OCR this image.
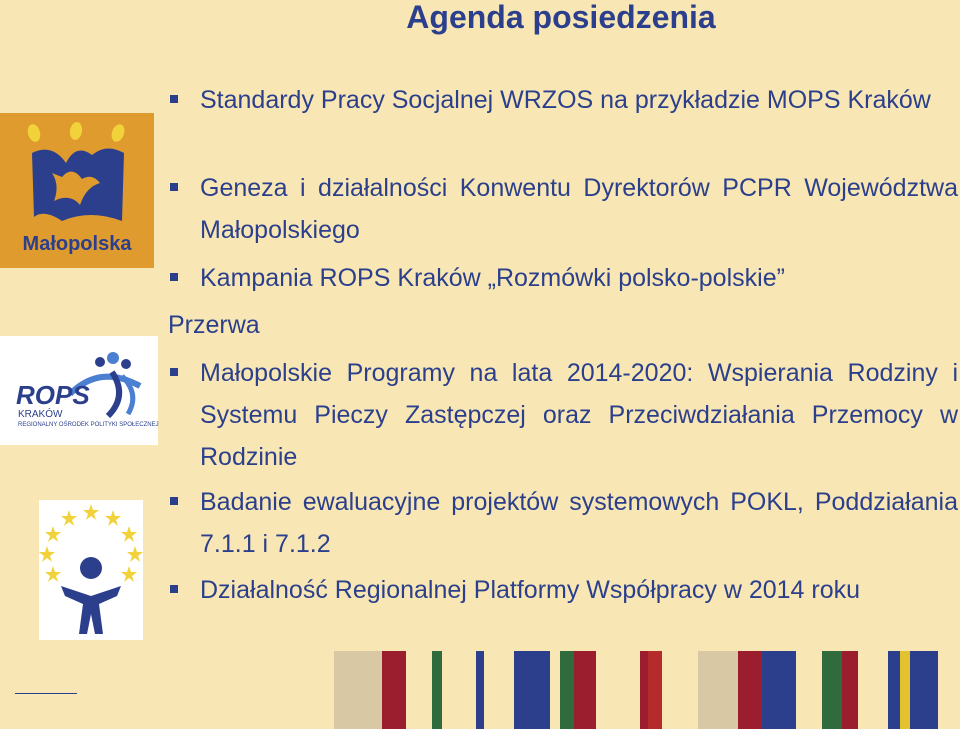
Agenda posiedzenia
Małopolska
ROPS
KRAKÓW
REGIONALNY OŚRODEK POLITYKI SPOŁECZNEJ
Standardy Pracy Socjalnej WRZOS na przykładzie MOPS Kraków
Geneza i działalności Konwentu Dyrektorów PCPR Województwa Małopolskiego
Kampania ROPS Kraków „Rozmówki polsko-polskie”
Przerwa
Małopolskie Programy na lata 2014-2020: Wspierania Rodziny i Systemu Pieczy Zastępczej oraz Przeciwdziałania Przemocy w Rodzinie
Badanie ewaluacyjne projektów systemowych POKL, Poddziałania 7.1.1 i 7.1.2
Działalność Regionalnej Platformy Współpracy w 2014 roku
